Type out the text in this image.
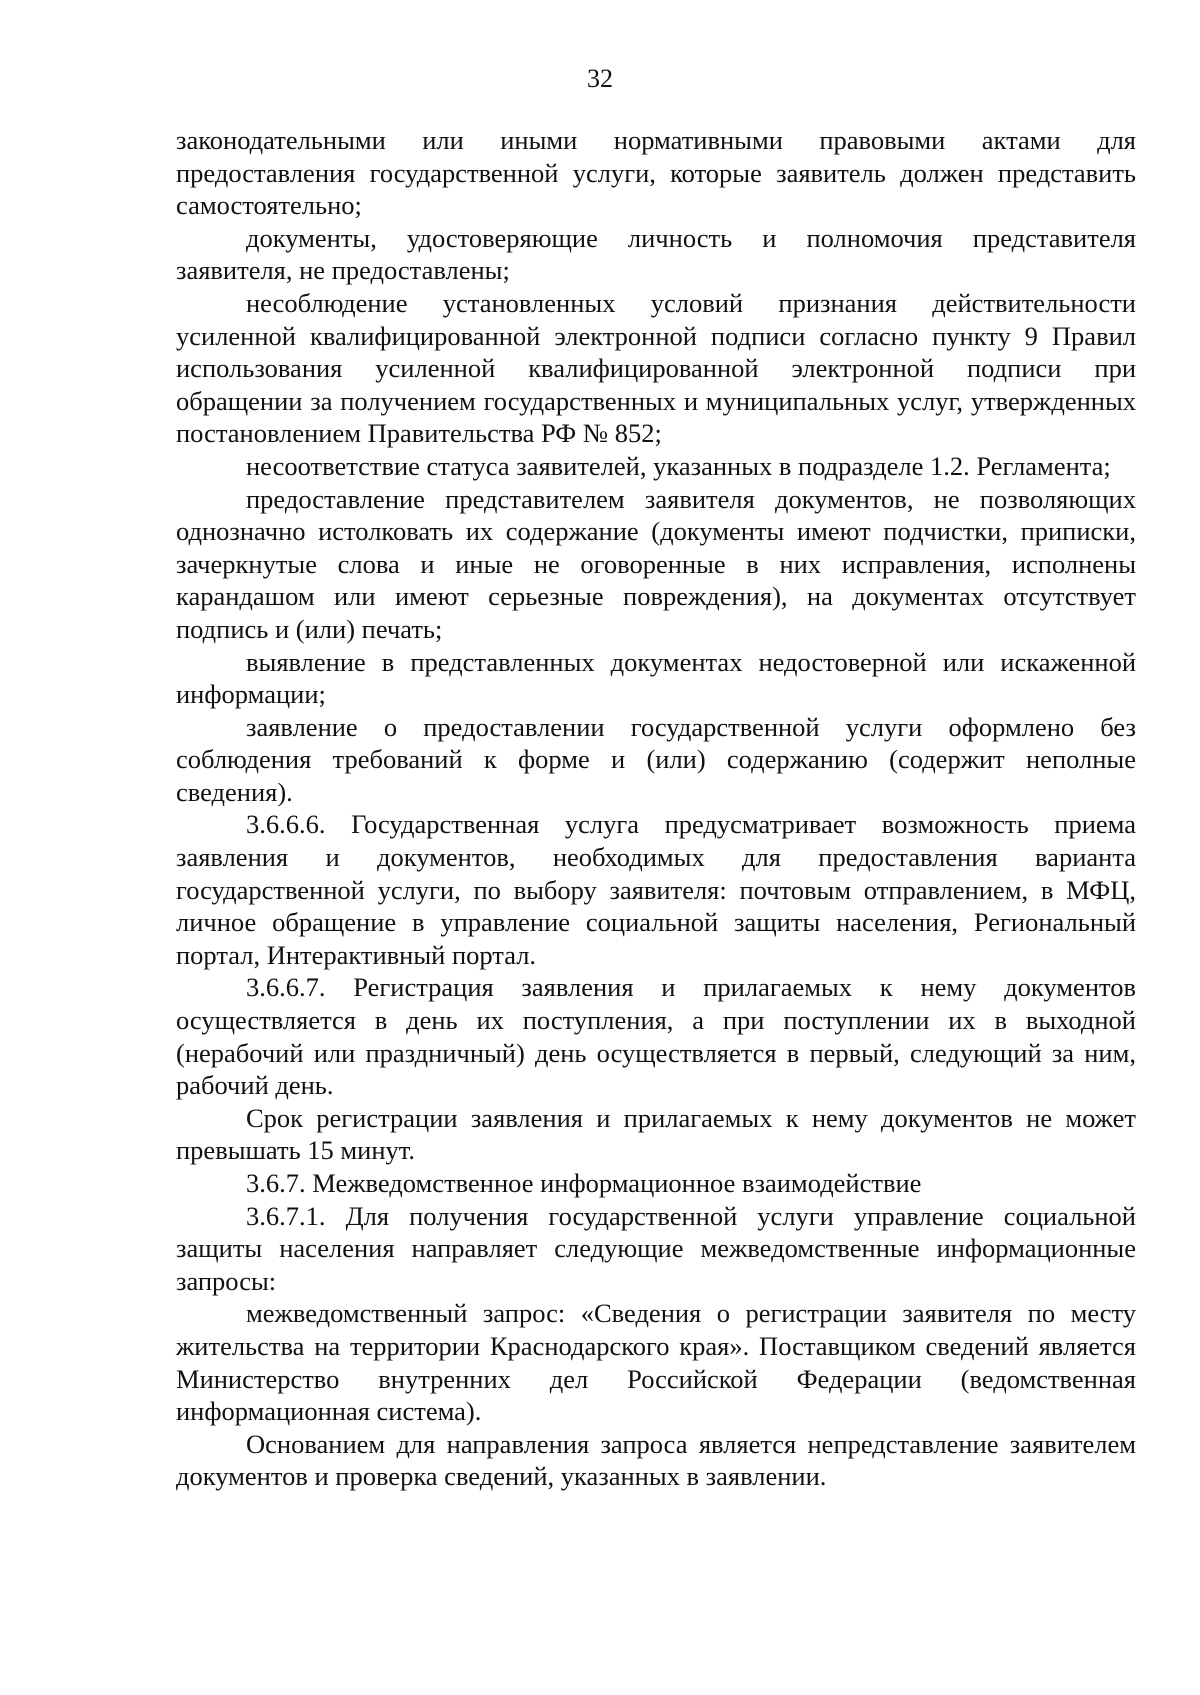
32

законодательными или иными нормативными правовыми актами для предоставления государственной услуги, которые заявитель должен представить самостоятельно;

документы, удостоверяющие личность и полномочия представителя заявителя, не предоставлены;

несоблюдение установленных условий признания действительности усиленной квалифицированной электронной подписи согласно пункту 9 Правил использования усиленной квалифицированной электронной подписи при обращении за получением государственных и муниципальных услуг, утвержденных постановлением Правительства РФ № 852;

несоответствие статуса заявителей, указанных в подразделе 1.2. Регламента;

предоставление представителем заявителя документов, не позволяющих однозначно истолковать их содержание (документы имеют подчистки, приписки, зачеркнутые слова и иные не оговоренные в них исправления, исполнены карандашом или имеют серьезные повреждения), на документах отсутствует подпись и (или) печать;

выявление в представленных документах недостоверной или искаженной информации;

заявление о предоставлении государственной услуги оформлено без соблюдения требований к форме и (или) содержанию (содержит неполные сведения).

3.6.6.6. Государственная услуга предусматривает возможность приема заявления и документов, необходимых для предоставления варианта государственной услуги, по выбору заявителя: почтовым отправлением, в МФЦ, личное обращение в управление социальной защиты населения, Региональный портал, Интерактивный портал.

3.6.6.7. Регистрация заявления и прилагаемых к нему документов осуществляется в день их поступления, а при поступлении их в выходной (нерабочий или праздничный) день осуществляется в первый, следующий за ним, рабочий день.

Срок регистрации заявления и прилагаемых к нему документов не может превышать 15 минут.

3.6.7. Межведомственное информационное взаимодействие

3.6.7.1. Для получения государственной услуги управление социальной защиты населения направляет следующие межведомственные информационные запросы:

межведомственный запрос: «Сведения о регистрации заявителя по месту жительства на территории Краснодарского края». Поставщиком сведений является Министерство внутренних дел Российской Федерации (ведомственная информационная система).

Основанием для направления запроса является непредставление заявителем документов и проверка сведений, указанных в заявлении.
